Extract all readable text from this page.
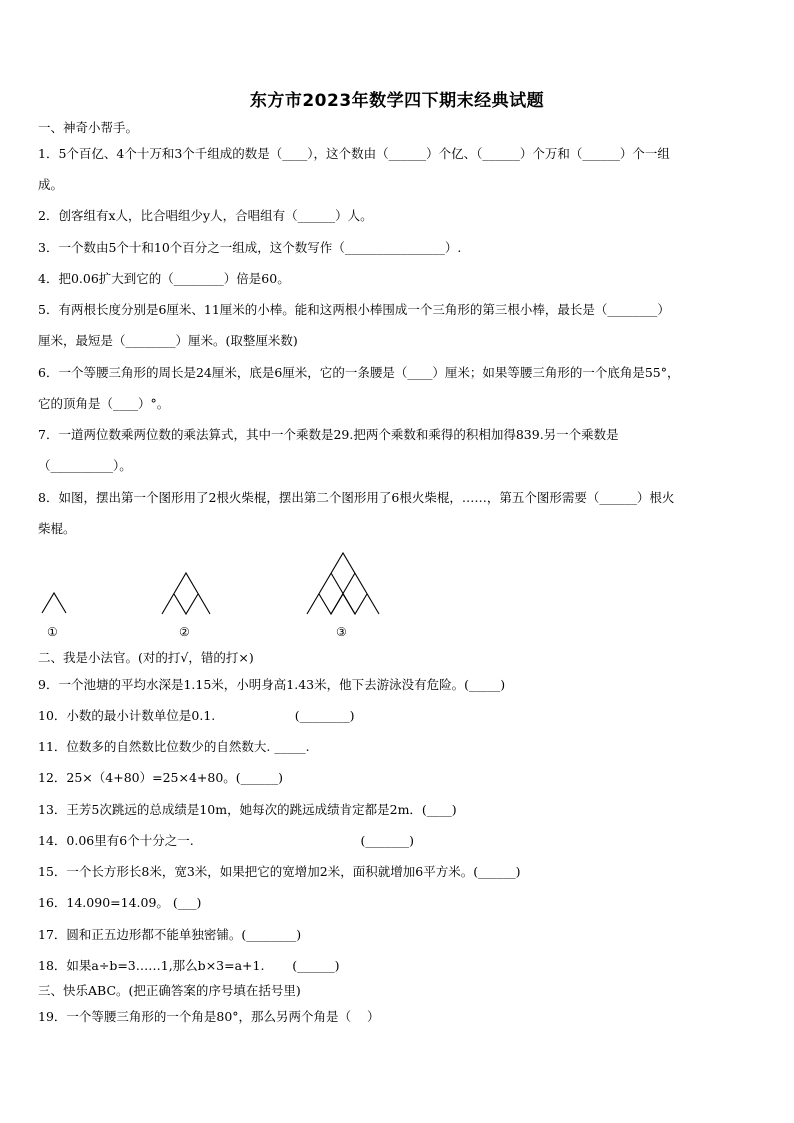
东方市2023年数学四下期末经典试题
一、神奇小帮手。
1．5个百亿、4个十万和3个千组成的数是（____），这个数由（______）个亿、（______）个万和（______）个一组
成。
2．创客组有x人，比合唱组少y人，合唱组有（______）人。
3．一个数由5个十和10个百分之一组成，这个数写作（________________）.
4．把0.06扩大到它的（________）倍是60。
5．有两根长度分别是6厘米、11厘米的小棒。能和这两根小棒围成一个三角形的第三根小棒，最长是（________）
厘米，最短是（________）厘米。(取整厘米数)
6．一个等腰三角形的周长是24厘米，底是6厘米，它的一条腰是（____）厘米；如果等腰三角形的一个底角是55°，
它的顶角是（____）°。
7．一道两位数乘两位数的乘法算式，其中一个乘数是29.把两个乘数和乘得的积相加得839.另一个乘数是
（__________）。
8．如图，摆出第一个图形用了2根火柴棍，摆出第二个图形用了6根火柴棍，……，第五个图形需要（______）根火
柴棍。
①	②	③
二、我是小法官。(对的打√，错的打×)
9．一个池塘的平均水深是1.15米，小明身高1.43米，他下去游泳没有危险。(_____)
10．小数的最小计数单位是0.1.                    (________)
11．位数多的自然数比位数少的自然数大. _____.
12．25×（4+80）=25×4+80。(______)
13．王芳5次跳远的总成绩是10m，她每次的跳远成绩肯定都是2m．(____)
14．0.06里有6个十分之一.                                          (_______)
15．一个长方形长8米，宽3米，如果把它的宽增加2米，面积就增加6平方米。(______)
16．14.090=14.09。 (___)
17．圆和正五边形都不能单独密铺。(________)
18．如果a÷b=3……1,那么b×3=a+1.       (______)
三、快乐ABC。(把正确答案的序号填在括号里)
19．一个等腰三角形的一个角是80°，那么另两个角是（    ）
